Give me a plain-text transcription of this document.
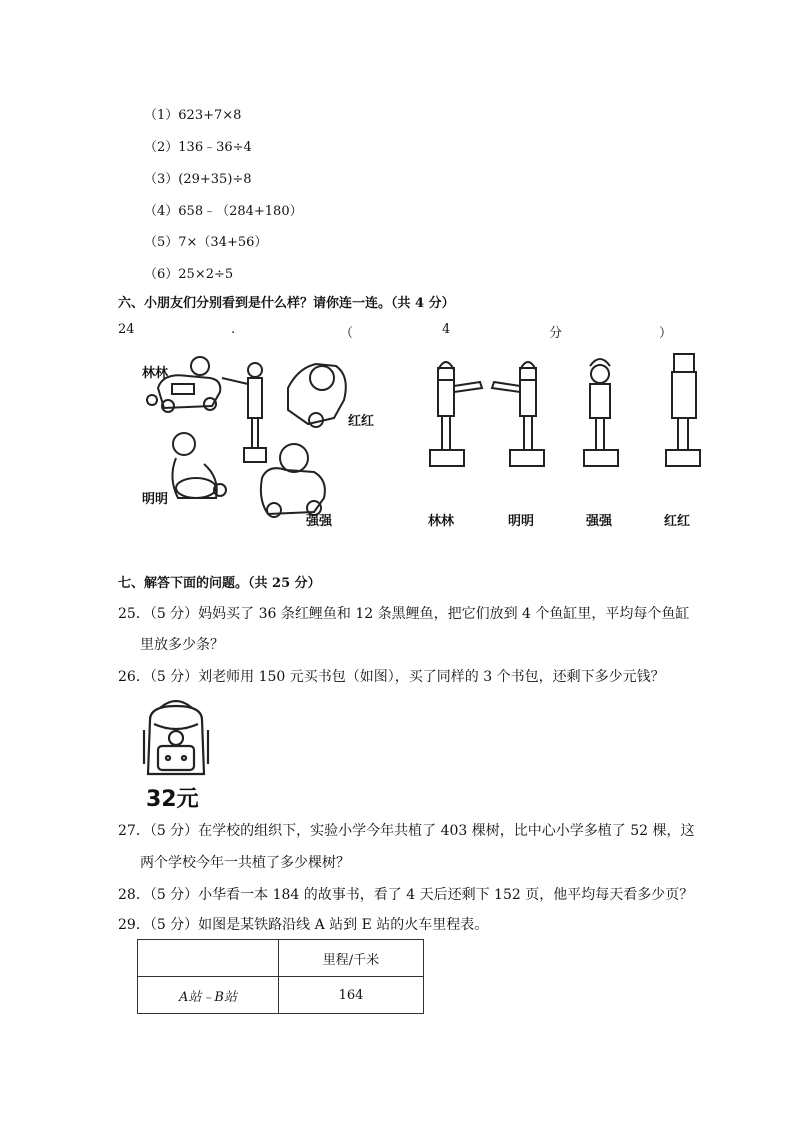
（1）623+7×8
（2）136﹣36÷4
（3）(29+35)÷8
（4）658﹣（284+180）
（5）7×（34+56）
（6）25×2÷5
六、小朋友们分别看到是什么样？请你连一连。（共 4 分）
24	.	（	4	分	）
林林
红红
明明
强强	林林	明明	强强	红红
七、解答下面的问题。（共 25 分）
25．（5 分）妈妈买了 36 条红鲤鱼和 12 条黑鲤鱼，把它们放到 4 个鱼缸里，平均每个鱼缸
里放多少条？
26．（5 分）刘老师用 150 元买书包（如图），买了同样的 3 个书包，还剩下多少元钱？
32元
27．（5 分）在学校的组织下，实验小学今年共植了 403 棵树，比中心小学多植了 52 棵，这
两个学校今年一共植了多少棵树？
28．（5 分）小华看一本 184 的故事书，看了 4 天后还剩下 152 页，他平均每天看多少页？
29．（5 分）如图是某铁路沿线 A 站到 E 站的火车里程表。
	里程/千米
A站﹣B站	164
